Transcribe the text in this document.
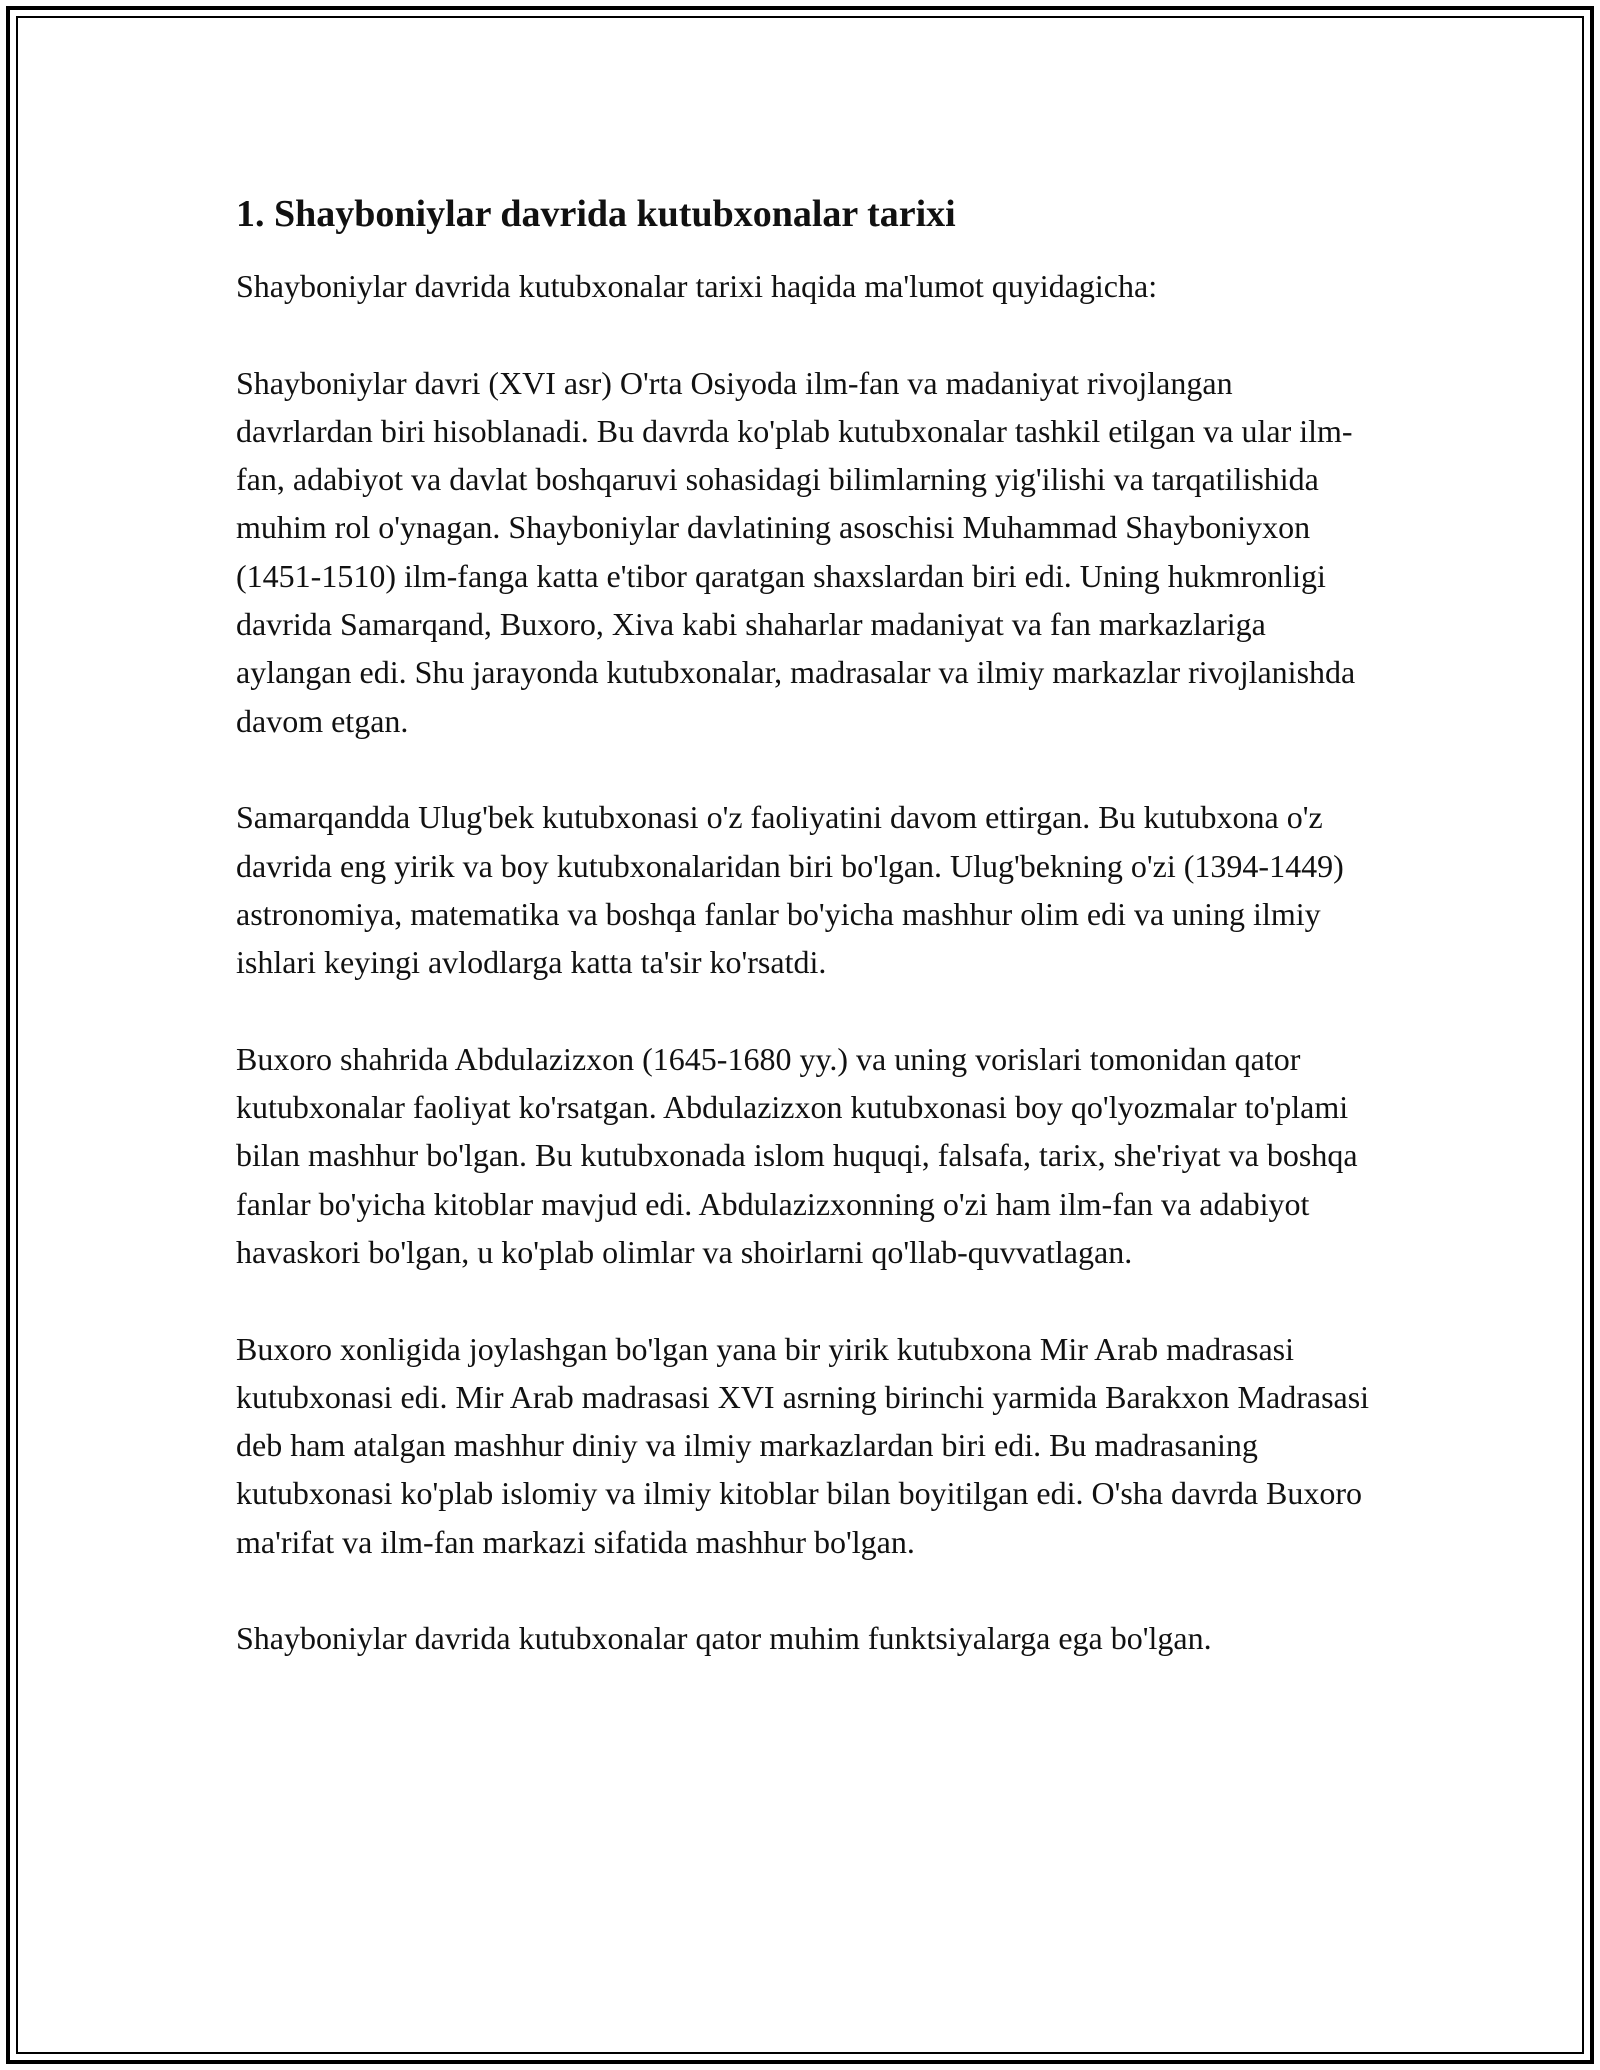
1. Shayboniylar davrida kutubxonalar tarixi

Shayboniylar davrida kutubxonalar tarixi haqida ma'lumot quyidagicha:

Shayboniylar davri (XVI asr) O'rta Osiyoda ilm-fan va madaniyat rivojlangan davrlardan biri hisoblanadi. Bu davrda ko'plab kutubxonalar tashkil etilgan va ular ilm-fan, adabiyot va davlat boshqaruvi sohasidagi bilimlarning yig'ilishi va tarqatilishida muhim rol o'ynagan. Shayboniylar davlatining asoschisi Muhammad Shayboniyxon (1451-1510) ilm-fanga katta e'tibor qaratgan shaxslardan biri edi. Uning hukmronligi davrida Samarqand, Buxoro, Xiva kabi shaharlar madaniyat va fan markazlariga aylangan edi. Shu jarayonda kutubxonalar, madrasalar va ilmiy markazlar rivojlanishda davom etgan.

Samarqandda Ulug'bek kutubxonasi o'z faoliyatini davom ettirgan. Bu kutubxona o'z davrida eng yirik va boy kutubxonalaridan biri bo'lgan. Ulug'bekning o'zi (1394-1449) astronomiya, matematika va boshqa fanlar bo'yicha mashhur olim edi va uning ilmiy ishlari keyingi avlodlarga katta ta'sir ko'rsatdi.

Buxoro shahrida Abdulazizxon (1645-1680 yy.) va uning vorislari tomonidan qator kutubxonalar faoliyat ko'rsatgan. Abdulazizxon kutubxonasi boy qo'lyozmalar to'plami bilan mashhur bo'lgan. Bu kutubxonada islom huquqi, falsafa, tarix, she'riyat va boshqa fanlar bo'yicha kitoblar mavjud edi. Abdulazizxonning o'zi ham ilm-fan va adabiyot havaskori bo'lgan, u ko'plab olimlar va shoirlarni qo'llab-quvvatlagan.

Buxoro xonligida joylashgan bo'lgan yana bir yirik kutubxona Mir Arab madrasasi kutubxonasi edi. Mir Arab madrasasi XVI asrning birinchi yarmida Barakxon Madrasasi deb ham atalgan mashhur diniy va ilmiy markazlardan biri edi. Bu madrasaning kutubxonasi ko'plab islomiy va ilmiy kitoblar bilan boyitilgan edi. O'sha davrda Buxoro ma'rifat va ilm-fan markazi sifatida mashhur bo'lgan.

Shayboniylar davrida kutubxonalar qator muhim funktsiyalarga ega bo'lgan.
